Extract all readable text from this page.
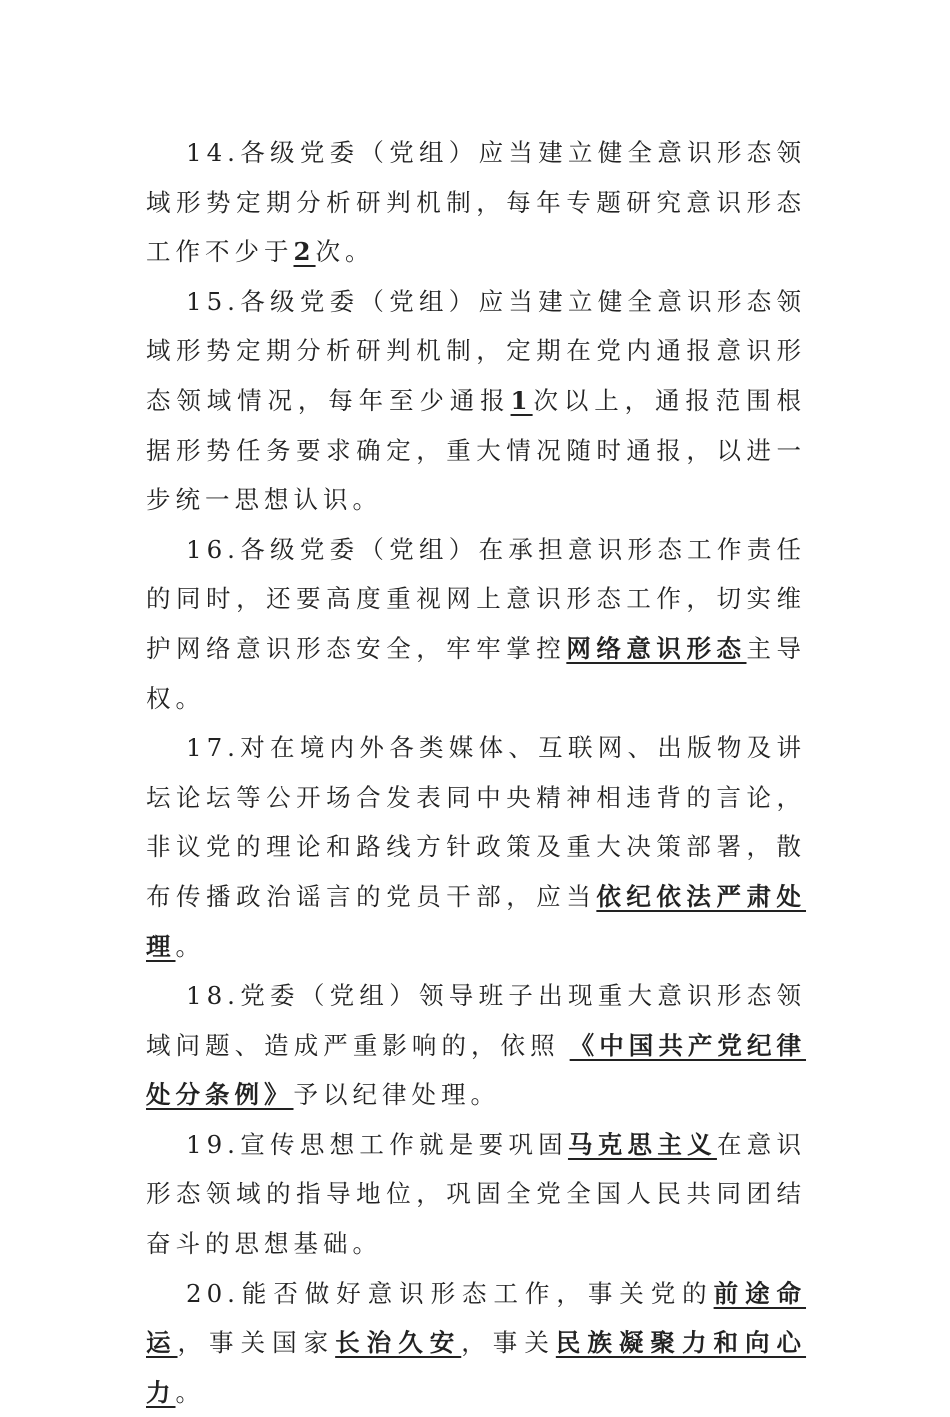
14.各级党委（党组）应当建立健全意识形态领域形势定期分析研判机制，每年专题研究意识形态工作不少于2次。

15.各级党委（党组）应当建立健全意识形态领域形势定期分析研判机制，定期在党内通报意识形态领域情况，每年至少通报1次以上，通报范围根据形势任务要求确定，重大情况随时通报，以进一步统一思想认识。

16.各级党委（党组）在承担意识形态工作责任的同时，还要高度重视网上意识形态工作，切实维护网络意识形态安全，牢牢掌控网络意识形态主导权。

17.对在境内外各类媒体、互联网、出版物及讲坛论坛等公开场合发表同中央精神相违背的言论，非议党的理论和路线方针政策及重大决策部署，散布传播政治谣言的党员干部，应当依纪依法严肃处理。

18.党委（党组）领导班子出现重大意识形态领域问题、造成严重影响的，依照 《中国共产党纪律处分条例》予以纪律处理。

19.宣传思想工作就是要巩固马克思主义在意识形态领域的指导地位，巩固全党全国人民共同团结奋斗的思想基础。

20.能否做好意识形态工作，事关党的前途命运，事关国家长治久安，事关民族凝聚力和向心力。
